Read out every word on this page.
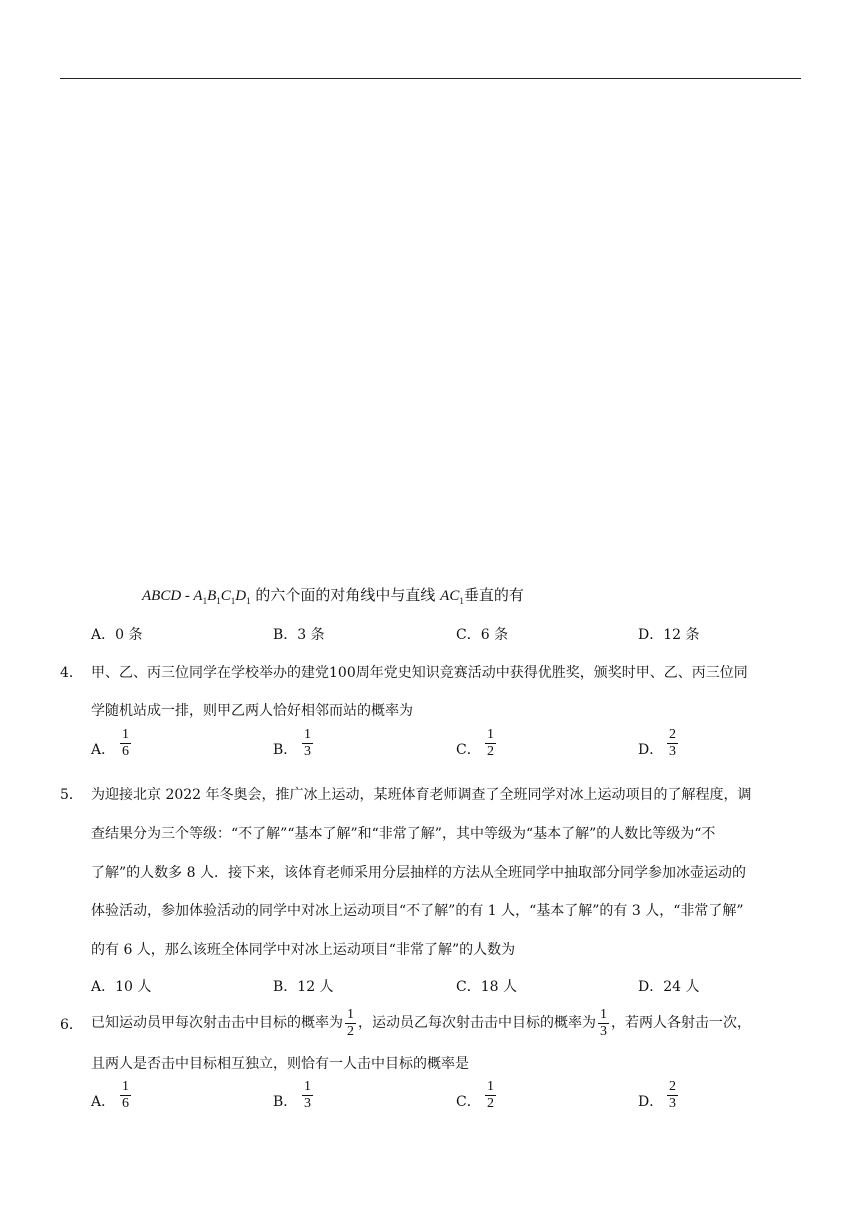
ABCD - $A_1B_1C_1D_1$ 的六个面的对角线中与直线 $AC_1$垂直的有
A．0 条	B．3 条	C．6 条	D．12 条
4． 甲、乙、丙三位同学在学校举办的建党100周年党史知识竞赛活动中获得优胜奖，颁奖时甲、乙、丙三位同
学随机站成一排，则甲乙两人恰好相邻而站的概率为
A． $\frac{1}{6}$	B． $\frac{1}{3}$	C． $\frac{1}{2}$	D． $\frac{2}{3}$
5． 为迎接北京 2022 年冬奥会，推广冰上运动，某班体育老师调查了全班同学对冰上运动项目的了解程度，调
查结果分为三个等级：“不了解”“基本了解”和“非常了解”，其中等级为“基本了解”的人数比等级为“不
了解”的人数多 8 人．接下来，该体育老师采用分层抽样的方法从全班同学中抽取部分同学参加冰壶运动的
体验活动，参加体验活动的同学中对冰上运动项目“不了解”的有 1 人，“基本了解”的有 3 人，“非常了解”
的有 6 人，那么该班全体同学中对冰上运动项目“非常了解”的人数为
A．10 人	B．12 人	C．18 人	D．24 人
6． 已知运动员甲每次射击击中目标的概率为 $\frac{1}{2}$ ，运动员乙每次射击击中目标的概率为 $\frac{1}{3}$ ，若两人各射击一次，
且两人是否击中目标相互独立，则恰有一人击中目标的概率是
A． $\frac{1}{6}$	B． $\frac{1}{3}$	C． $\frac{1}{2}$	D． $\frac{2}{3}$
